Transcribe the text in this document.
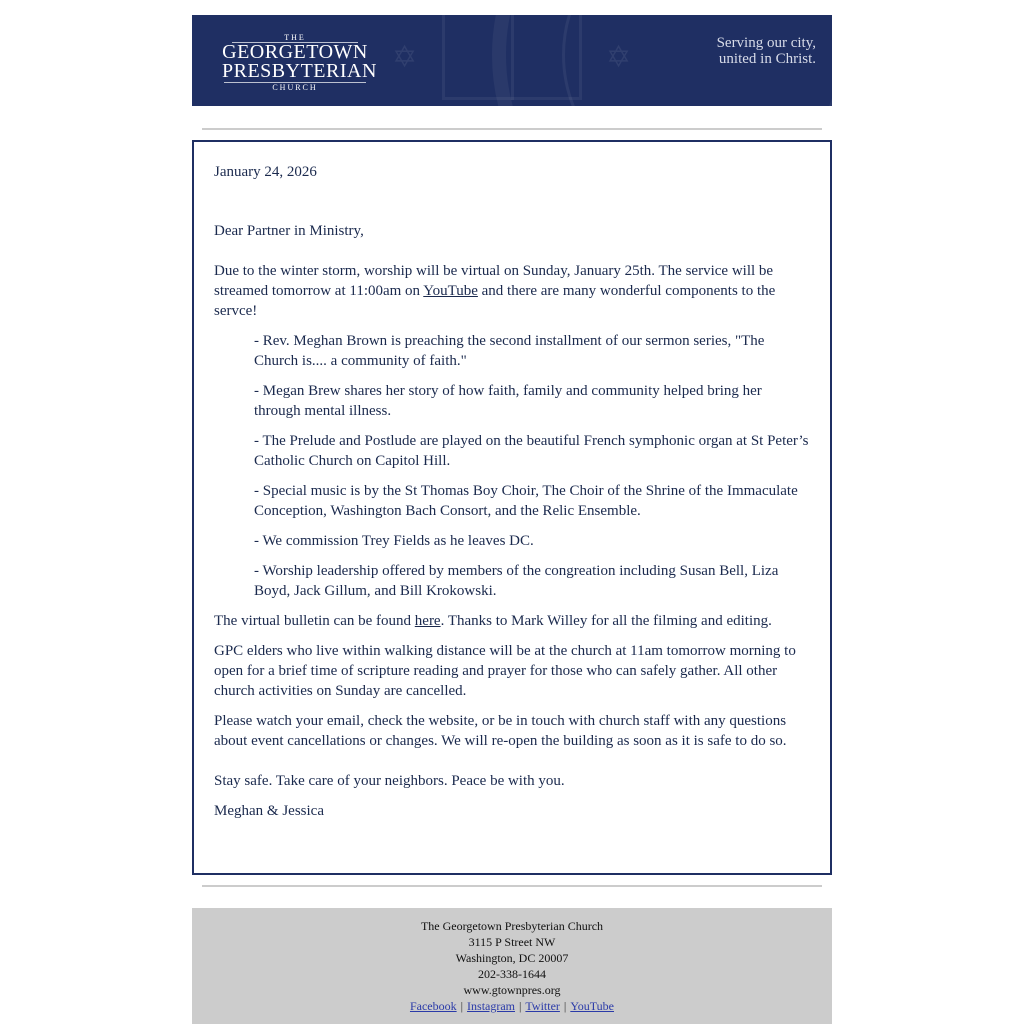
✡	✡
THE
GEORGETOWN
PRESBYTERIAN
CHURCH
Serving our city,
united in Christ.

January 24, 2026

Dear Partner in Ministry,

Due to the winter storm, worship will be virtual on Sunday, January 25th. The service will be streamed tomorrow at 11:00am on YouTube and there are many wonderful components to the servce!

- Rev. Meghan Brown is preaching the second installment of our sermon series, "The Church is.... a community of faith."

- Megan Brew shares her story of how faith, family and community helped bring her through mental illness.

- The Prelude and Postlude are played on the beautiful French symphonic organ at St Peter’s Catholic Church on Capitol Hill.

- Special music is by the St Thomas Boy Choir, The Choir of the Shrine of the Immaculate Conception, Washington Bach Consort, and the Relic Ensemble.

- We commission Trey Fields as he leaves DC.

- Worship leadership offered by members of the congreation including Susan Bell, Liza Boyd, Jack Gillum, and Bill Krokowski.

The virtual bulletin can be found here. Thanks to Mark Willey for all the filming and editing.

GPC elders who live within walking distance will be at the church at 11am tomorrow morning to open for a brief time of scripture reading and prayer for those who can safely gather. All other church activities on Sunday are cancelled.

Please watch your email, check the website, or be in touch with church staff with any questions about event cancellations or changes. We will re-open the building as soon as it is safe to do so.

Stay safe. Take care of your neighbors. Peace be with you.

Meghan & Jessica

The Georgetown Presbyterian Church
3115 P Street NW
Washington, DC 20007
202-338-1644
www.gtownpres.org
Facebook | Instagram | Twitter | YouTube
